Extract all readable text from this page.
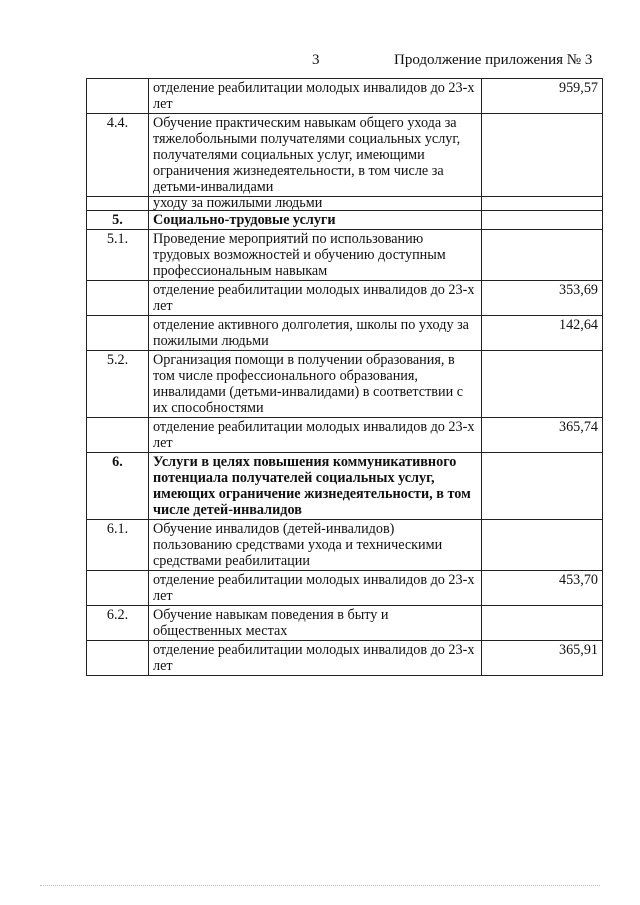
3	Продолжение приложения № 3
	отделение реабилитации молодых инвалидов до 23-х лет	959,57
4.4.	Обучение практическим навыкам общего ухода за тяжелобольными получателями социальных услуг, получателями социальных услуг, имеющими ограничения жизнедеятельности, в том числе за детьми-инвалидами	
	уходу за пожилыми людьми	
5.	Социально-трудовые услуги	
5.1.	Проведение мероприятий по использованию трудовых возможностей и обучению доступным профессиональным навыкам	
	отделение реабилитации молодых инвалидов до 23-х лет	353,69
	отделение активного долголетия, школы по уходу за пожилыми людьми	142,64
5.2.	Организация помощи в получении образования, в том числе профессионального образования, инвалидами (детьми-инвалидами) в соответствии с их способностями	
	отделение реабилитации молодых инвалидов до 23-х лет	365,74
6.	Услуги в целях повышения коммуникативного потенциала получателей социальных услуг, имеющих ограничение жизнедеятельности, в том числе детей-инвалидов	
6.1.	Обучение инвалидов (детей-инвалидов) пользованию средствами ухода и техническими средствами реабилитации	
	отделение реабилитации молодых инвалидов до 23-х лет	453,70
6.2.	Обучение навыкам поведения в быту и общественных местах	
	отделение реабилитации молодых инвалидов до 23-х лет	365,91
